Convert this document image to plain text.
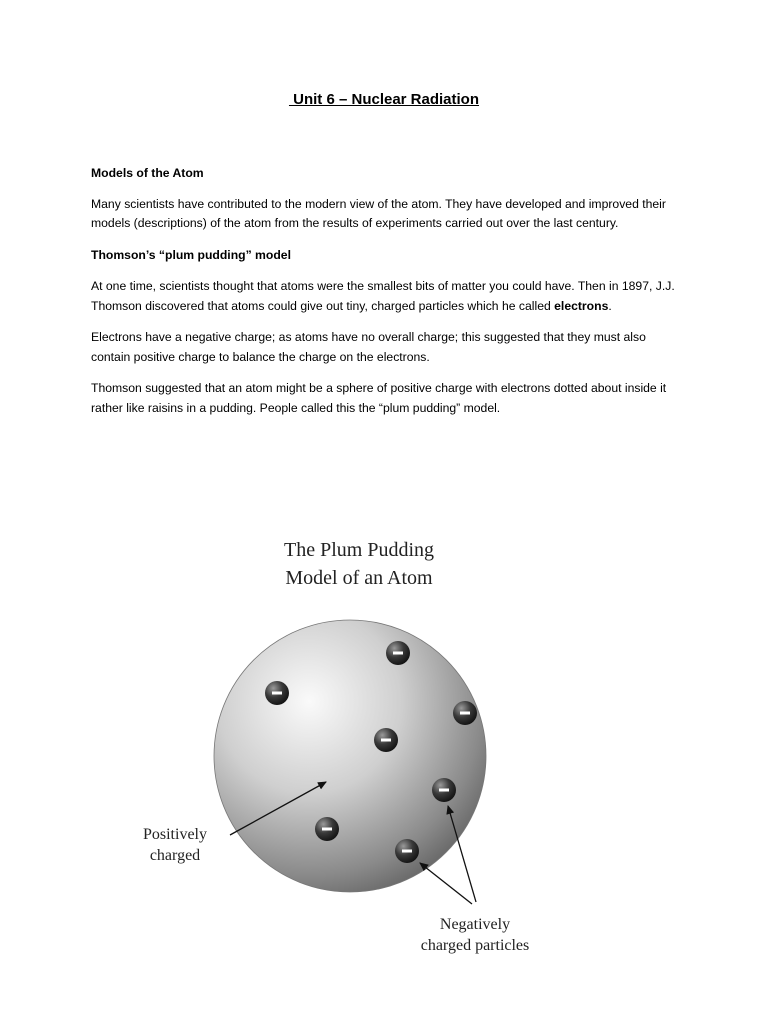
Unit 6 – Nuclear Radiation
Models of the Atom

Many scientists have contributed to the modern view of the atom. They have developed and improved their models (descriptions) of the atom from the results of experiments carried out over the last century.

Thomson’s “plum pudding” model

At one time, scientists thought that atoms were the smallest bits of matter you could have. Then in 1897, J.J. Thomson discovered that atoms could give out tiny, charged particles which he called electrons.

Electrons have a negative charge; as atoms have no overall charge; this suggested that they must also contain positive charge to balance the charge on the electrons.

Thomson suggested that an atom might be a sphere of positive charge with electrons dotted about inside it rather like raisins in a pudding. People called this the “plum pudding” model.

The Plum Pudding
Model of an Atom
Positively
charged
Negatively
charged particles
